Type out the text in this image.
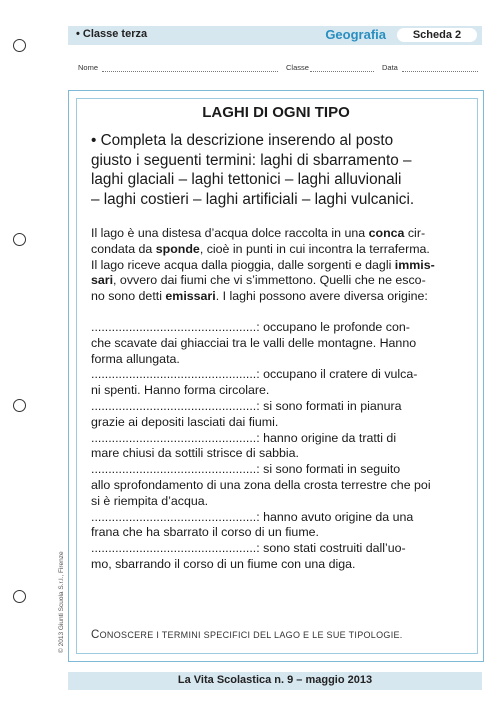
• Classe terza	Geografia	Scheda 2
Nome	Classe	Data
LAGHI DI OGNI TIPO

• Completa la descrizione inserendo al posto

giusto i seguenti termini: laghi di sbarramento –

laghi glaciali – laghi tettonici – laghi alluvionali

– laghi costieri – laghi artificiali – laghi vulcanici.

Il lago è una distesa d’acqua dolce raccolta in una conca cir-

condata da sponde, cioè in punti in cui incontra la terraferma.

Il lago riceve acqua dalla pioggia, dalle sorgenti e dagli immis-

sari, ovvero dai fiumi che vi s’immettono. Quelli che ne esco-

no sono detti emissari. I laghi possono avere diversa origine:

................................................: occupano le profonde con-

che scavate dai ghiacciai tra le valli delle montagne. Hanno

forma allungata.

................................................: occupano il cratere di vulca-

ni spenti. Hanno forma circolare.

................................................: si sono formati in pianura

grazie ai depositi lasciati dai fiumi.

................................................: hanno origine da tratti di

mare chiusi da sottili strisce di sabbia.

................................................: si sono formati in seguito

allo sprofondamento di una zona della crosta terrestre che poi

si è riempita d’acqua.

................................................: hanno avuto origine da una

frana che ha sbarrato il corso di un fiume.

................................................: sono stati costruiti dall’uo-

mo, sbarrando il corso di un fiume con una diga.

CONOSCERE I TERMINI SPECIFICI DEL LAGO E LE SUE TIPOLOGIE.
© 2013 Giunti Scuola S.r.l., Firenze
La Vita Scolastica n. 9 – maggio 2013
